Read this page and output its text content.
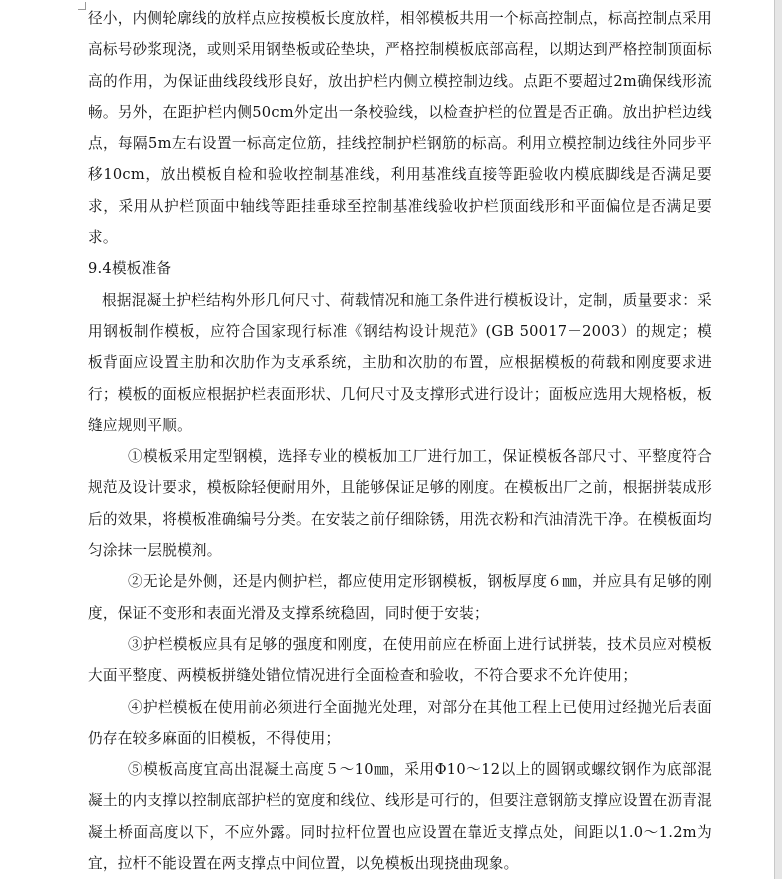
径小，内侧轮廓线的放样点应按模板长度放样，相邻模板共用一个标高控制点，标高控制点采用高标号砂浆现浇，或则采用钢垫板或砼垫块，严格控制模板底部高程，以期达到严格控制顶面标高的作用，为保证曲线段线形良好，放出护栏内侧立模控制边线。点距不要超过2m确保线形流畅。另外，在距护栏内侧50cm外定出一条校验线，以检查护栏的位置是否正确。放出护栏边线点，每隔5m左右设置一标高定位筋，挂线控制护栏钢筋的标高。利用立模控制边线往外同步平移10cm，放出模板自检和验收控制基准线，利用基准线直接等距验收内模底脚线是否满足要求，采用从护栏顶面中轴线等距挂垂球至控制基准线验收护栏顶面线形和平面偏位是否满足要求。

9.4模板准备

根据混凝土护栏结构外形几何尺寸、荷载情况和施工条件进行模板设计，定制，质量要求：采用钢板制作模板，应符合国家现行标准《钢结构设计规范》(GB 50017－2003）的规定；模板背面应设置主肋和次肋作为支承系统，主肋和次肋的布置，应根据模板的荷载和刚度要求进行；模板的面板应根据护栏表面形状、几何尺寸及支撑形式进行设计；面板应选用大规格板，板缝应规则平顺。

①模板采用定型钢模，选择专业的模板加工厂进行加工，保证模板各部尺寸、平整度符合规范及设计要求，模板除轻便耐用外，且能够保证足够的刚度。在模板出厂之前，根据拼装成形后的效果，将模板准确编号分类。在安装之前仔细除锈，用洗衣粉和汽油清洗干净。在模板面均匀涂抹一层脱模剂。

②无论是外侧，还是内侧护栏，都应使用定形钢模板，钢板厚度６㎜，并应具有足够的刚度，保证不变形和表面光滑及支撑系统稳固，同时便于安装；

③护栏模板应具有足够的强度和刚度，在使用前应在桥面上进行试拼装，技术员应对模板大面平整度、两模板拼缝处错位情况进行全面检查和验收，不符合要求不允许使用；

④护栏模板在使用前必须进行全面抛光处理，对部分在其他工程上已使用过经抛光后表面仍存在较多麻面的旧模板，不得使用；

⑤模板高度宜高出混凝土高度５～10㎜，采用Φ10～12以上的圆钢或螺纹钢作为底部混凝土的内支撑以控制底部护栏的宽度和线位、线形是可行的，但要注意钢筋支撑应设置在沥青混凝土桥面高度以下，不应外露。同时拉杆位置也应设置在靠近支撑点处，间距以1.0～1.2m为宜，拉杆不能设置在两支撑点中间位置，以免模板出现挠曲现象。
